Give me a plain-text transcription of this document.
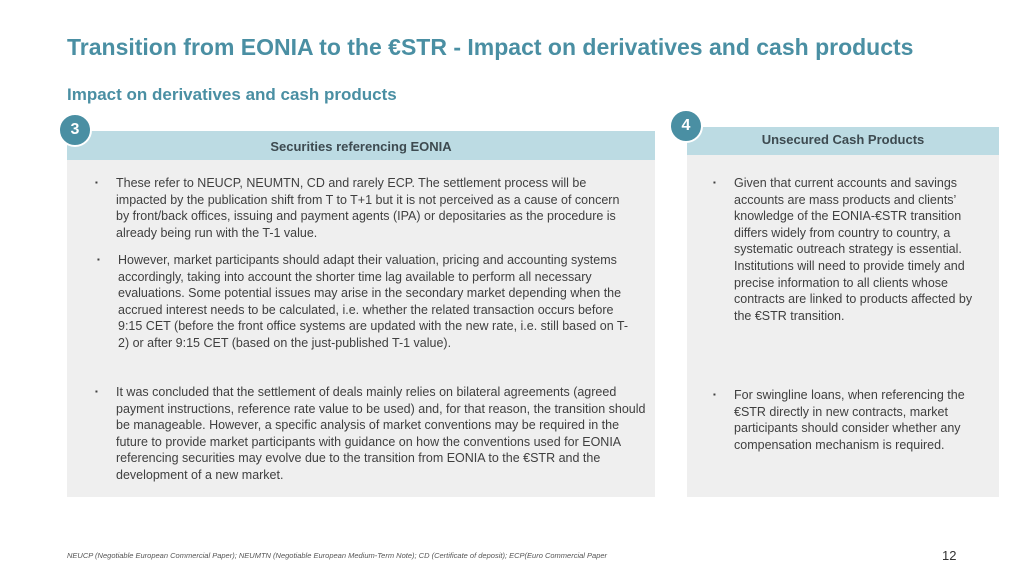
Transition from EONIA to the €STR - Impact on derivatives and cash products
Impact on derivatives and cash products
Securities referencing EONIA
▪ These refer to NEUCP, NEUMTN, CD and rarely ECP. The settlement process will be impacted by the publication shift from T to T+1 but it is not perceived as a cause of concern by front/back offices, issuing and payment agents (IPA) or depositaries as the procedure is already being run with the T-1 value.
▪ However, market participants should adapt their valuation, pricing and accounting systems accordingly, taking into account the shorter time lag available to perform all necessary evaluations. Some potential issues may arise in the secondary market depending when the accrued interest needs to be calculated, i.e. whether the related transaction occurs before 9:15 CET (before the front office systems are updated with the new rate, i.e. still based on T-2) or after 9:15 CET (based on the just-published T-1 value).
▪ It was concluded that the settlement of deals mainly relies on bilateral agreements (agreed payment instructions, reference rate value to be used) and, for that reason, the transition should be manageable. However, a specific analysis of market conventions may be required in the future to provide market participants with guidance on how the conventions used for EONIA referencing securities may evolve due to the transition from EONIA to the €STR and the development of a new market.
Unsecured Cash Products
▪ Given that current accounts and savings accounts are mass products and clients’ knowledge of the EONIA-€STR transition differs widely from country to country, a systematic outreach strategy is essential. Institutions will need to provide timely and precise information to all clients whose contracts are linked to products affected by the €STR transition.
▪ For swingline loans, when referencing the €STR directly in new contracts, market participants should consider whether any compensation mechanism is required.
3	4
NEUCP (Negotiable European Commercial Paper); NEUMTN (Negotiable European Medium-Term Note); CD (Certificate of deposit); ECP(Euro Commercial Paper	12
